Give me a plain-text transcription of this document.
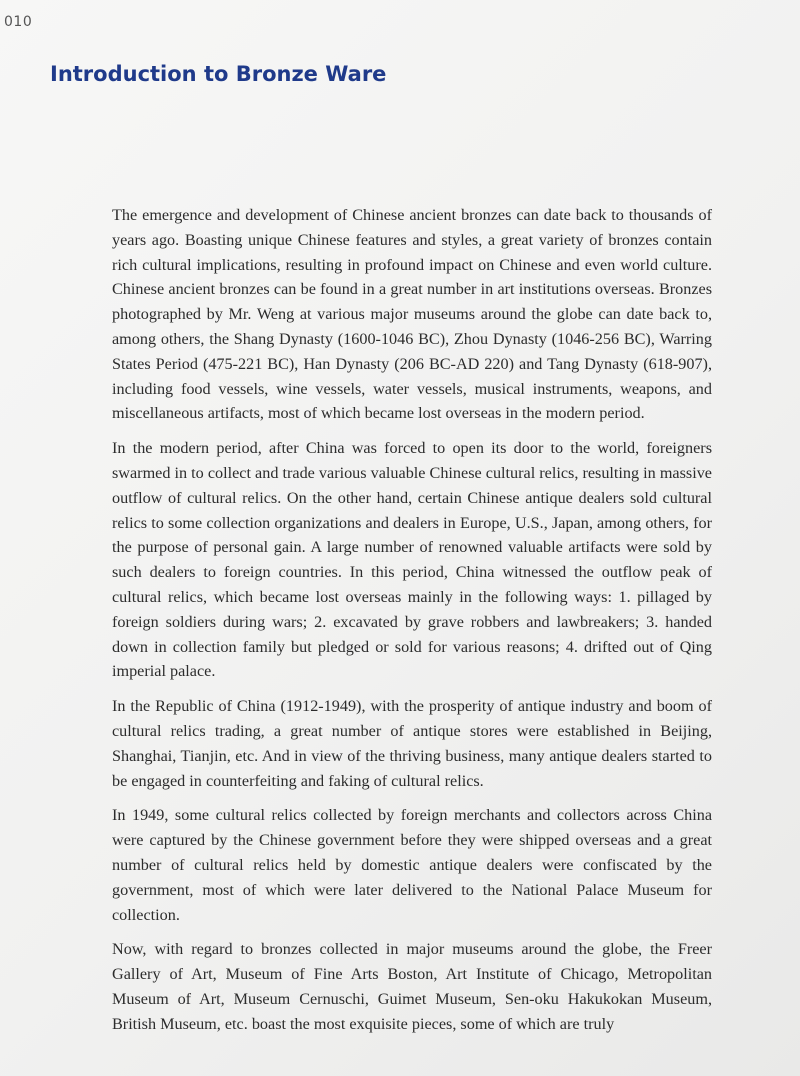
010
Introduction to Bronze Ware

The emergence and development of Chinese ancient bronzes can date back to thousands of years ago. Boasting unique Chinese features and styles, a great variety of bronzes contain rich cultural implications, resulting in profound impact on Chinese and even world culture. Chinese ancient bronzes can be found in a great number in art institutions overseas. Bronzes photographed by Mr. Weng at various major museums around the globe can date back to, among others, the Shang Dynasty (1600-1046 BC), Zhou Dynasty (1046-256 BC), Warring States Period (475-221 BC), Han Dynasty (206 BC-AD 220) and Tang Dynasty (618-907), including food vessels, wine vessels, water vessels, musical instruments, weapons, and miscellaneous artifacts, most of which became lost overseas in the modern period.

In the modern period, after China was forced to open its door to the world, foreigners swarmed in to collect and trade various valuable Chinese cultural relics, resulting in massive outflow of cultural relics. On the other hand, certain Chinese antique dealers sold cultural relics to some collection organizations and dealers in Europe, U.S., Japan, among others, for the purpose of personal gain. A large number of renowned valuable artifacts were sold by such dealers to foreign countries. In this period, China witnessed the outflow peak of cultural relics, which became lost overseas mainly in the following ways: 1. pillaged by foreign soldiers during wars; 2. excavated by grave robbers and lawbreakers; 3. handed down in collection family but pledged or sold for various reasons; 4. drifted out of Qing imperial palace.

In the Republic of China (1912-1949), with the prosperity of antique industry and boom of cultural relics trading, a great number of antique stores were established in Beijing, Shanghai, Tianjin, etc. And in view of the thriving business, many antique dealers started to be engaged in counterfeiting and faking of cultural relics.

In 1949, some cultural relics collected by foreign merchants and collectors across China were captured by the Chinese government before they were shipped overseas and a great number of cultural relics held by domestic antique dealers were confiscated by the government, most of which were later delivered to the National Palace Museum for collection.

Now, with regard to bronzes collected in major museums around the globe, the Freer Gallery of Art, Museum of Fine Arts Boston, Art Institute of Chicago, Metropolitan Museum of Art, Museum Cernuschi, Guimet Museum, Sen-oku Hakukokan Museum, British Museum, etc. boast the most exquisite pieces, some of which are truly
